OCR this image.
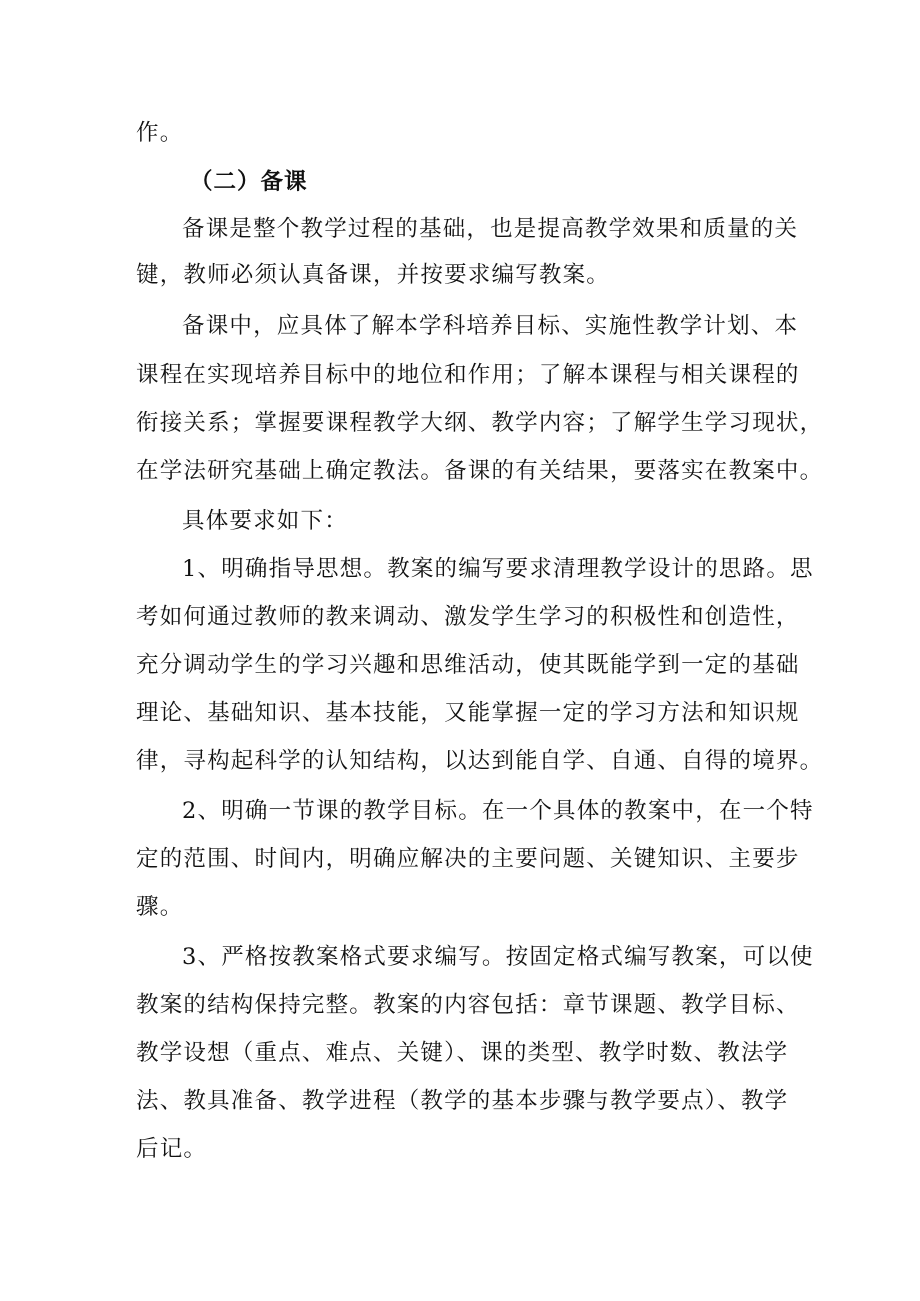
作。
（二）备课
备课是整个教学过程的基础，也是提高教学效果和质量的关
键，教师必须认真备课，并按要求编写教案。
备课中，应具体了解本学科培养目标、实施性教学计划、本
课程在实现培养目标中的地位和作用；了解本课程与相关课程的
衔接关系；掌握要课程教学大纲、教学内容；了解学生学习现状，
在学法研究基础上确定教法。备课的有关结果，要落实在教案中。
具体要求如下：
1、明确指导思想。教案的编写要求清理教学设计的思路。思
考如何通过教师的教来调动、激发学生学习的积极性和创造性，
充分调动学生的学习兴趣和思维活动，使其既能学到一定的基础
理论、基础知识、基本技能，又能掌握一定的学习方法和知识规
律，寻构起科学的认知结构，以达到能自学、自通、自得的境界。
2、明确一节课的教学目标。在一个具体的教案中，在一个特
定的范围、时间内，明确应解决的主要问题、关键知识、主要步
骤。
3、严格按教案格式要求编写。按固定格式编写教案，可以使
教案的结构保持完整。教案的内容包括：章节课题、教学目标、
教学设想（重点、难点、关键）、课的类型、教学时数、教法学
法、教具准备、教学进程（教学的基本步骤与教学要点）、教学
后记。
